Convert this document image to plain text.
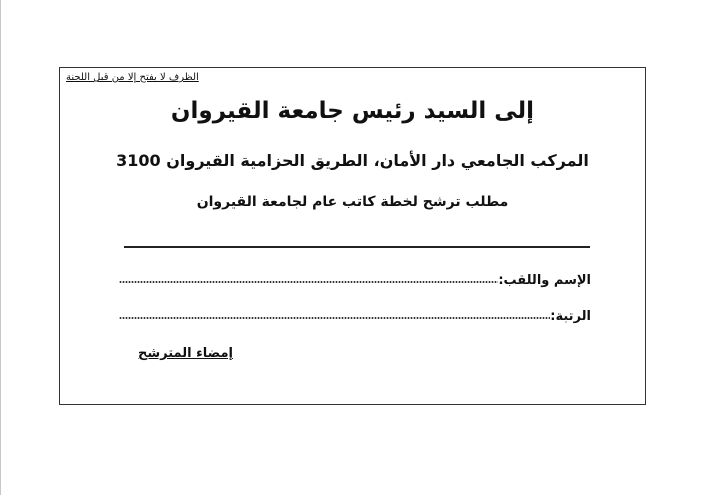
الظرف لا يفتح إلا من قبل اللجنة
إلى السيد رئيس جامعة القيروان
المركب الجامعي دار الأمان، الطريق الحزامية القيروان 3100
مطلب ترشح لخطة كاتب عام لجامعة القيروان
الإسم واللقب:
الرتبة:
إمضاء المترشح
